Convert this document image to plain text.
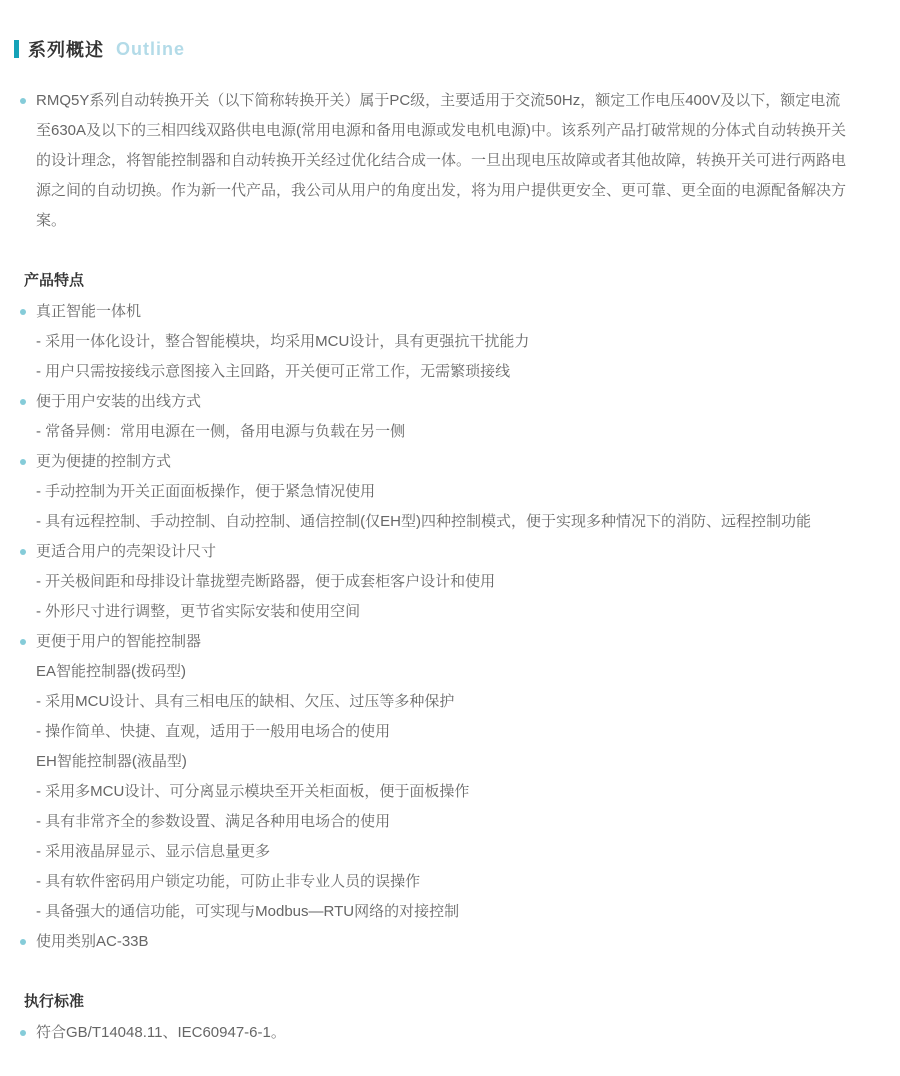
系列概述 Outline

RMQ5Y系列自动转换开关（以下简称转换开关）属于PC级，主要适用于交流50Hz，额定工作电压400V及以下，额定电流至630A及以下的三相四线双路供电电源(常用电源和备用电源或发电机电源)中。该系列产品打破常规的分体式自动转换开关的设计理念，将智能控制器和自动转换开关经过优化结合成一体。一旦出现电压故障或者其他故障，转换开关可进行两路电源之间的自动切换。作为新一代产品，我公司从用户的角度出发，将为用户提供更安全、更可靠、更全面的电源配备解决方案。

产品特点
真正智能一体机
- 采用一体化设计，整合智能模块，均采用MCU设计，具有更强抗干扰能力
- 用户只需按接线示意图接入主回路，开关便可正常工作，无需繁琐接线
便于用户安装的出线方式
- 常备异侧：常用电源在一侧，备用电源与负载在另一侧
更为便捷的控制方式
- 手动控制为开关正面面板操作，便于紧急情况使用
- 具有远程控制、手动控制、自动控制、通信控制(仅EH型)四种控制模式，便于实现多种情况下的消防、远程控制功能
更适合用户的壳架设计尺寸
- 开关极间距和母排设计靠拢塑壳断路器，便于成套柜客户设计和使用
- 外形尺寸进行调整，更节省实际安装和使用空间
更便于用户的智能控制器
EA智能控制器(拨码型)
- 采用MCU设计、具有三相电压的缺相、欠压、过压等多种保护
- 操作简单、快捷、直观，适用于一般用电场合的使用
EH智能控制器(液晶型)
- 采用多MCU设计、可分离显示模块至开关柜面板，便于面板操作
- 具有非常齐全的参数设置、满足各种用电场合的使用
- 采用液晶屏显示、显示信息量更多
- 具有软件密码用户锁定功能，可防止非专业人员的误操作
- 具备强大的通信功能，可实现与Modbus—RTU网络的对接控制
使用类别AC-33B
执行标准
符合GB/T14048.11、IEC60947-6-1。
